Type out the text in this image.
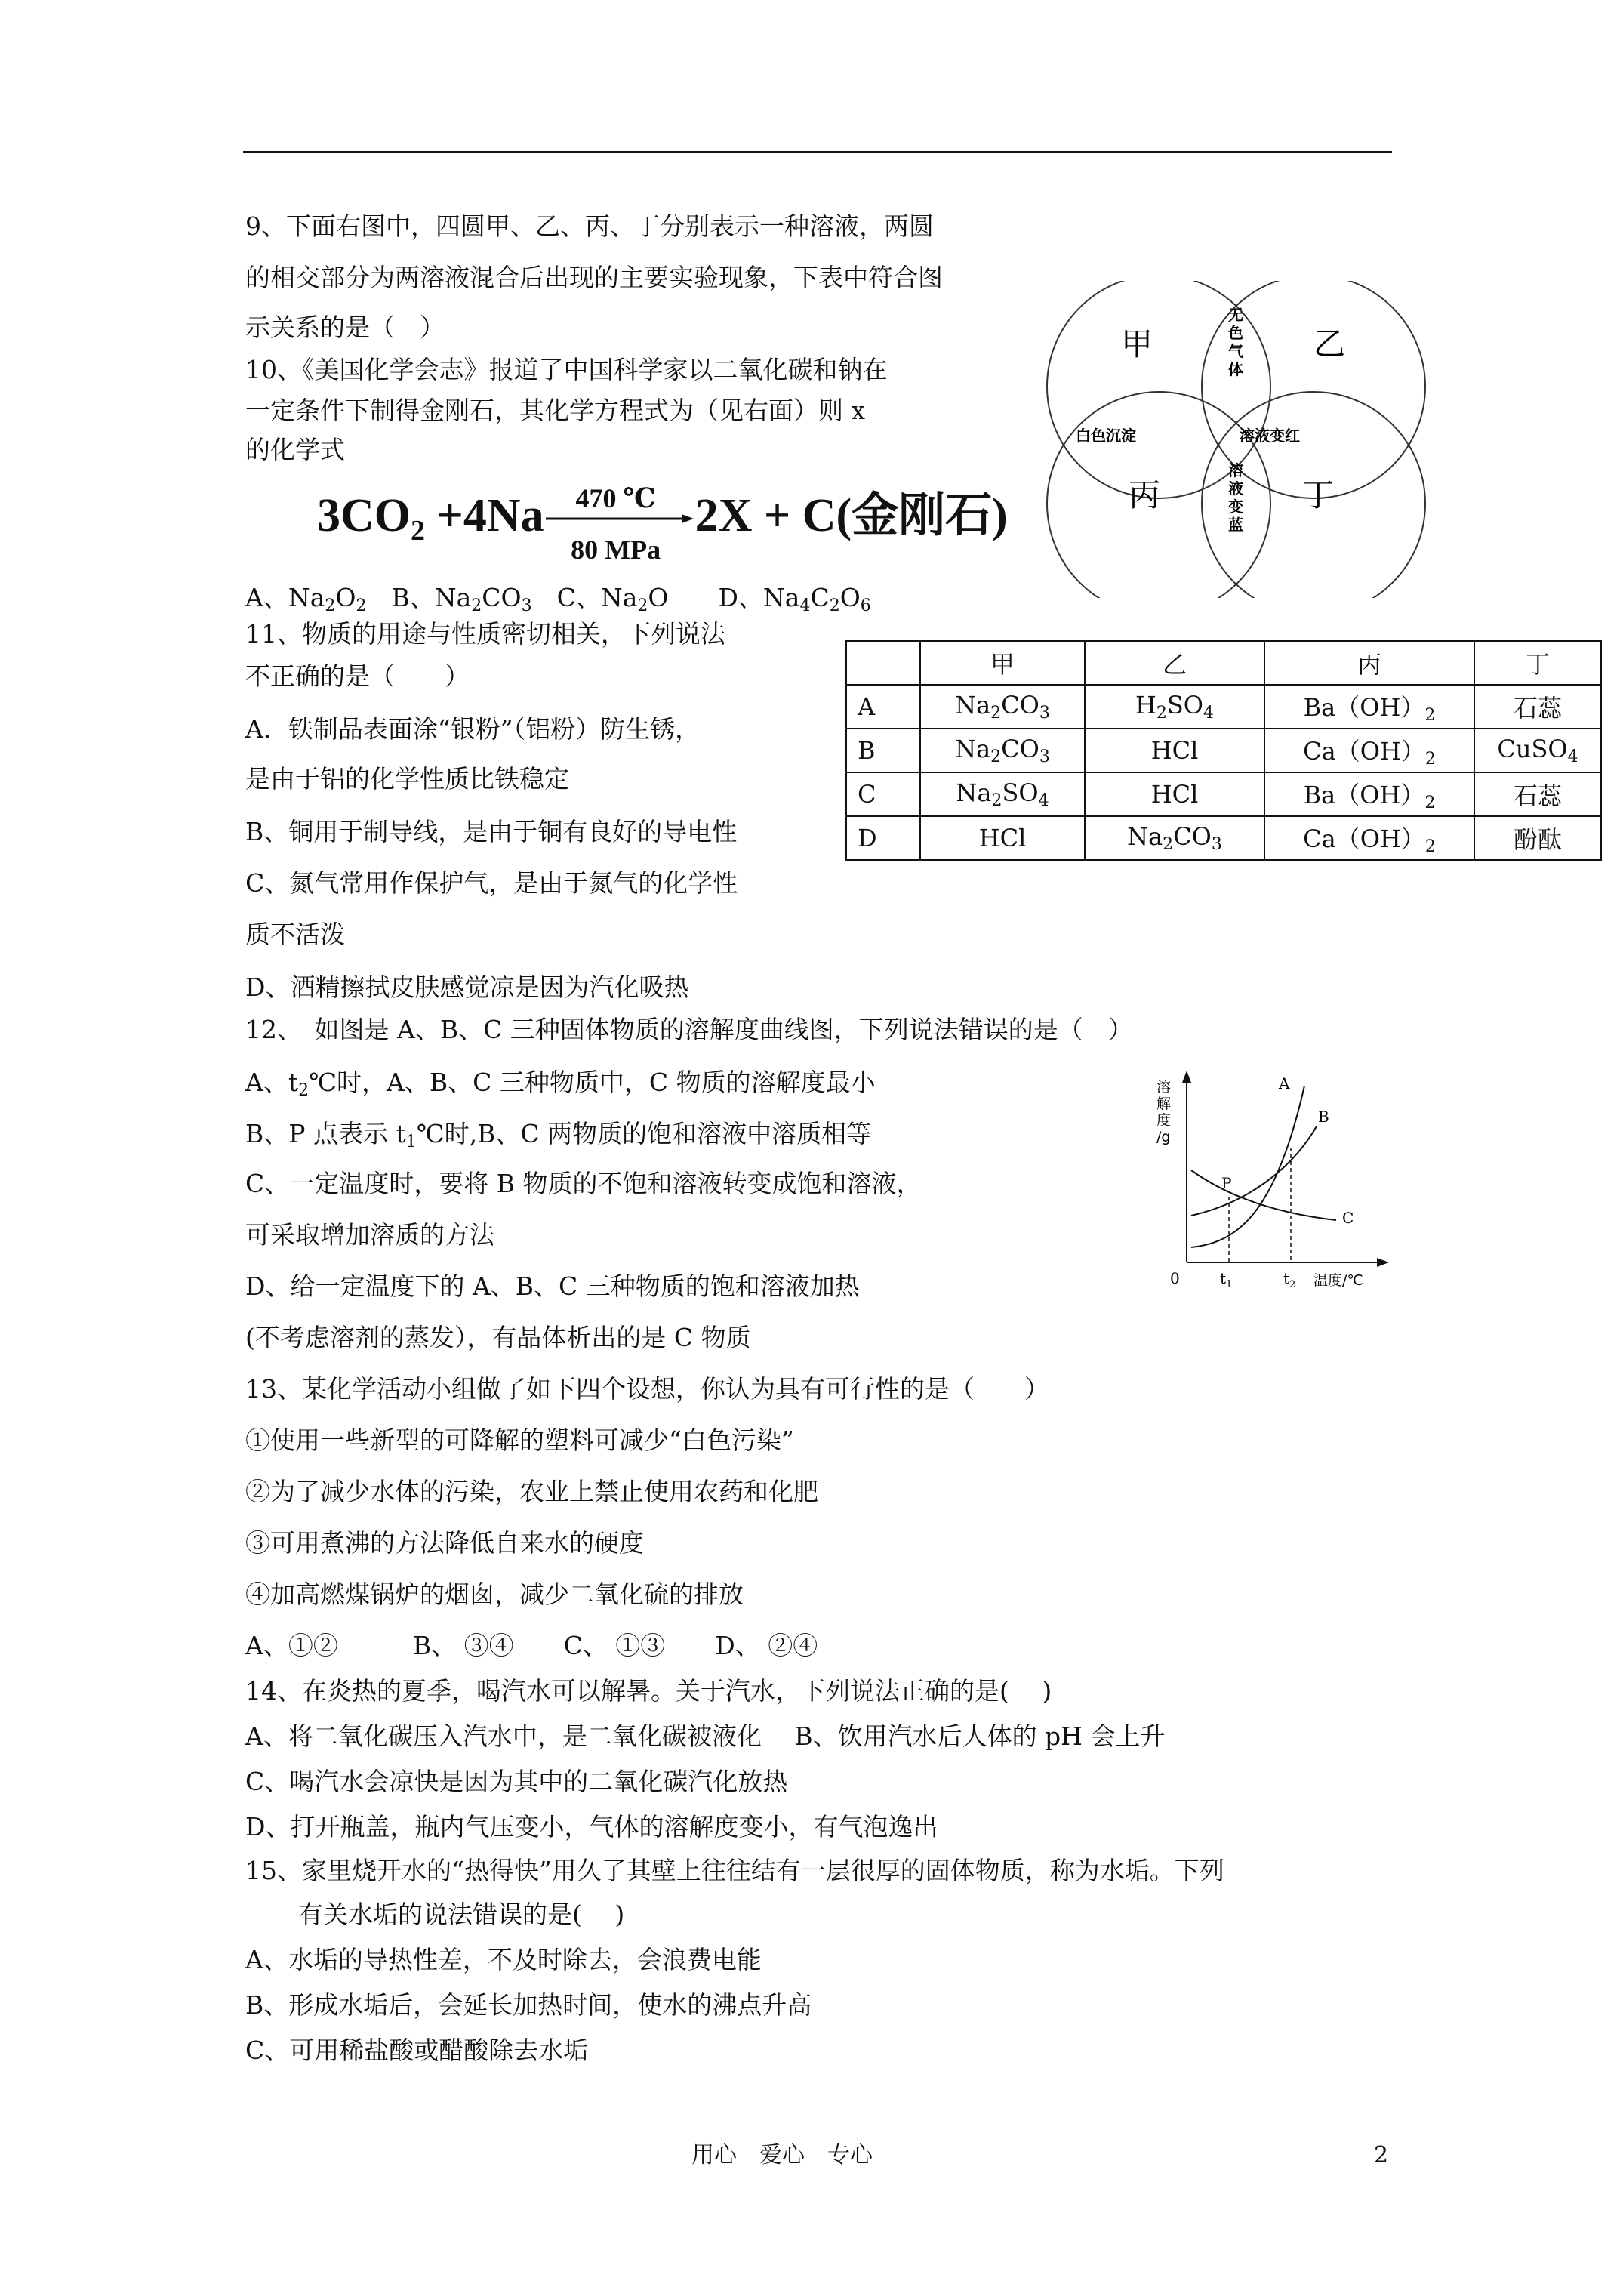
9、下面右图中，四圆甲、乙、丙、丁分别表示一种溶液，两圆
的相交部分为两溶液混合后出现的主要实验现象，下表中符合图
示关系的是（　）
10、《美国化学会志》报道了中国科学家以二氧化碳和钠在
一定条件下制得金刚石，其化学方程式为（见右面）则 x
的化学式
3CO2 +4Na	470 ℃
80 MPa
2X + C(金刚石)
A、$Na_2O_2$　B、$Na_2CO_3$　C、$Na_2O$　　D、$Na_4C_2O_6$
甲	乙
丙	丁
无
色
气
体
白色沉淀	溶液变红
溶
液
变
蓝
	甲	乙	丙	丁
A	$Na_2CO_3$	$H_2SO_4$	$Ba(OH)_2$	石蕊
B	$Na_2CO_3$	HCl	$Ca(OH)_2$	CuSO$_4$
C	$Na_2SO_4$	HCl	$Ba(OH)_2$	石蕊
D	HCl	$Na_2CO_3$	$Ca(OH)_2$	酚酞
11、物质的用途与性质密切相关，下列说法
不正确的是（　　）
A．铁制品表面涂“银粉”（铝粉）防生锈，
是由于铝的化学性质比铁稳定
B、铜用于制导线，是由于铜有良好的导电性
C、氮气常用作保护气，是由于氮气的化学性
质不活泼
D、酒精擦拭皮肤感觉凉是因为汽化吸热
12、　如图是 A、B、C 三种固体物质的溶解度曲线图，下列说法错误的是（　）
A、$t_2℃$时，A、B、C 三种物质中，C 物质的溶解度最小
B、P 点表示 $t_1℃$时,B、C 两物质的饱和溶液中溶质相等
C、一定温度时，要将 B 物质的不饱和溶液转变成饱和溶液，
可采取增加溶质的方法
D、给一定温度下的 A、B、C 三种物质的饱和溶液加热
(不考虑溶剂的蒸发），有晶体析出的是 C 物质
溶
解
度
/g
温度/℃
0	$t_1$	$t_2$
A
B
C
P
13、某化学活动小组做了如下四个设想，你认为具有可行性的是（　　）
①使用一些新型的可降解的塑料可减少“白色污染”
②为了减少水体的污染，农业上禁止使用农药和化肥
③可用煮沸的方法降低自来水的硬度
④加高燃煤锅炉的烟囱，减少二氧化硫的排放
A、①②　　　B、 ③④　　C、 ①③　　D、 ②④
14、在炎热的夏季，喝汽水可以解暑。关于汽水，下列说法正确的是(　 )
A、将二氧化碳压入汽水中，是二氧化碳被液化　 B、饮用汽水后人体的 pH 会上升
C、喝汽水会凉快是因为其中的二氧化碳汽化放热
D、打开瓶盖，瓶内气压变小，气体的溶解度变小，有气泡逸出
15、家里烧开水的“热得快”用久了其壁上往往结有一层很厚的固体物质，称为水垢。下列
有关水垢的说法错误的是(　 )
A、水垢的导热性差，不及时除去，会浪费电能
B、形成水垢后，会延长加热时间，使水的沸点升高
C、可用稀盐酸或醋酸除去水垢
用心　爱心　专心	2
